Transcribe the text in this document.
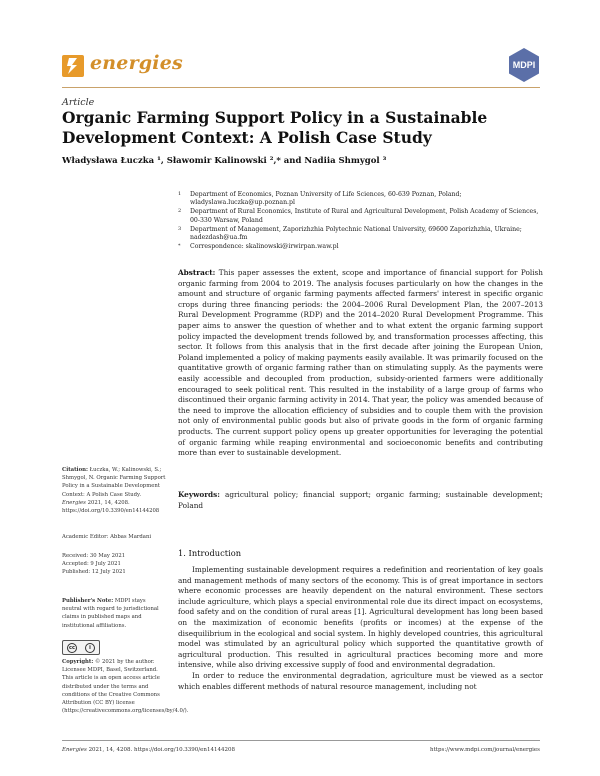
energies	MDPI
Article
Organic Farming Support Policy in a Sustainable Development Context: A Polish Case Study
Władysława Łuczka ¹, Sławomir Kalinowski ²,* and Nadiia Shmygol ³
1 Department of Economics, Poznan University of Life Sciences, 60-639 Poznan, Poland; wladyslawa.luczka@up.poznan.pl
2 Department of Rural Economics, Institute of Rural and Agricultural Development, Polish Academy of Sciences, 00-330 Warsaw, Poland
3 Department of Management, Zaporizhzhia Polytechnic National University, 69600 Zaporizhzhia, Ukraine; nadezdash@ua.fm
* Correspondence: skalinowski@irwirpan.waw.pl
Abstract: This paper assesses the extent, scope and importance of financial support for Polish organic farming from 2004 to 2019. The analysis focuses particularly on how the changes in the amount and structure of organic farming payments affected farmers' interest in specific organic crops during three financing periods: the 2004–2006 Rural Development Plan, the 2007–2013 Rural Development Programme (RDP) and the 2014–2020 Rural Development Programme. This paper aims to answer the question of whether and to what extent the organic farming support policy impacted the development trends followed by, and transformation processes affecting, this sector. It follows from this analysis that in the first decade after joining the European Union, Poland implemented a policy of making payments easily available. It was primarily focused on the quantitative growth of organic farming rather than on stimulating supply. As the payments were easily accessible and decoupled from production, subsidy-oriented farmers were additionally encouraged to seek political rent. This resulted in the instability of a large group of farms who discontinued their organic farming activity in 2014. That year, the policy was amended because of the need to improve the allocation efficiency of subsidies and to couple them with the provision not only of environmental public goods but also of private goods in the form of organic farming products. The current support policy opens up greater opportunities for leveraging the potential of organic farming while reaping environmental and socioeconomic benefits and contributing more than ever to sustainable development.
Keywords: agricultural policy; financial support; organic farming; sustainable development; Poland
Citation: Łuczka, W.; Kalinowski, S.; Shmygol, N. Organic Farming Support Policy in a Sustainable Development Context: A Polish Case Study. Energies 2021, 14, 4208. https://doi.org/10.3390/en14144208
Academic Editor: Abbas Mardani
Received: 30 May 2021
Accepted: 9 July 2021
Published: 12 July 2021
Publisher's Note: MDPI stays neutral with regard to jurisdictional claims in published maps and institutional affiliations.
cc	i
Copyright: © 2021 by the author. Licensee MDPI, Basel, Switzerland. This article is an open access article distributed under the terms and conditions of the Creative Commons Attribution (CC BY) license (https://creativecommons.org/licenses/by/4.0/).
1. Introduction

Implementing sustainable development requires a redefinition and reorientation of key goals and management methods of many sectors of the economy. This is of great importance in sectors where economic processes are heavily dependent on the natural environment. These sectors include agriculture, which plays a special environmental role due its direct impact on ecosystems, food safety and on the condition of rural areas [1]. Agricultural development has long been based on the maximization of economic benefits (profits or incomes) at the expense of the disequilibrium in the ecological and social system. In highly developed countries, this agricultural model was stimulated by an agricultural policy which supported the quantitative growth of agricultural production. This resulted in agricultural practices becoming more and more intensive, while also driving excessive supply of food and environmental degradation.

In order to reduce the environmental degradation, agriculture must be viewed as a sector which enables different methods of natural resource management, including not

Energies 2021, 14, 4208. https://doi.org/10.3390/en14144208	https://www.mdpi.com/journal/energies
